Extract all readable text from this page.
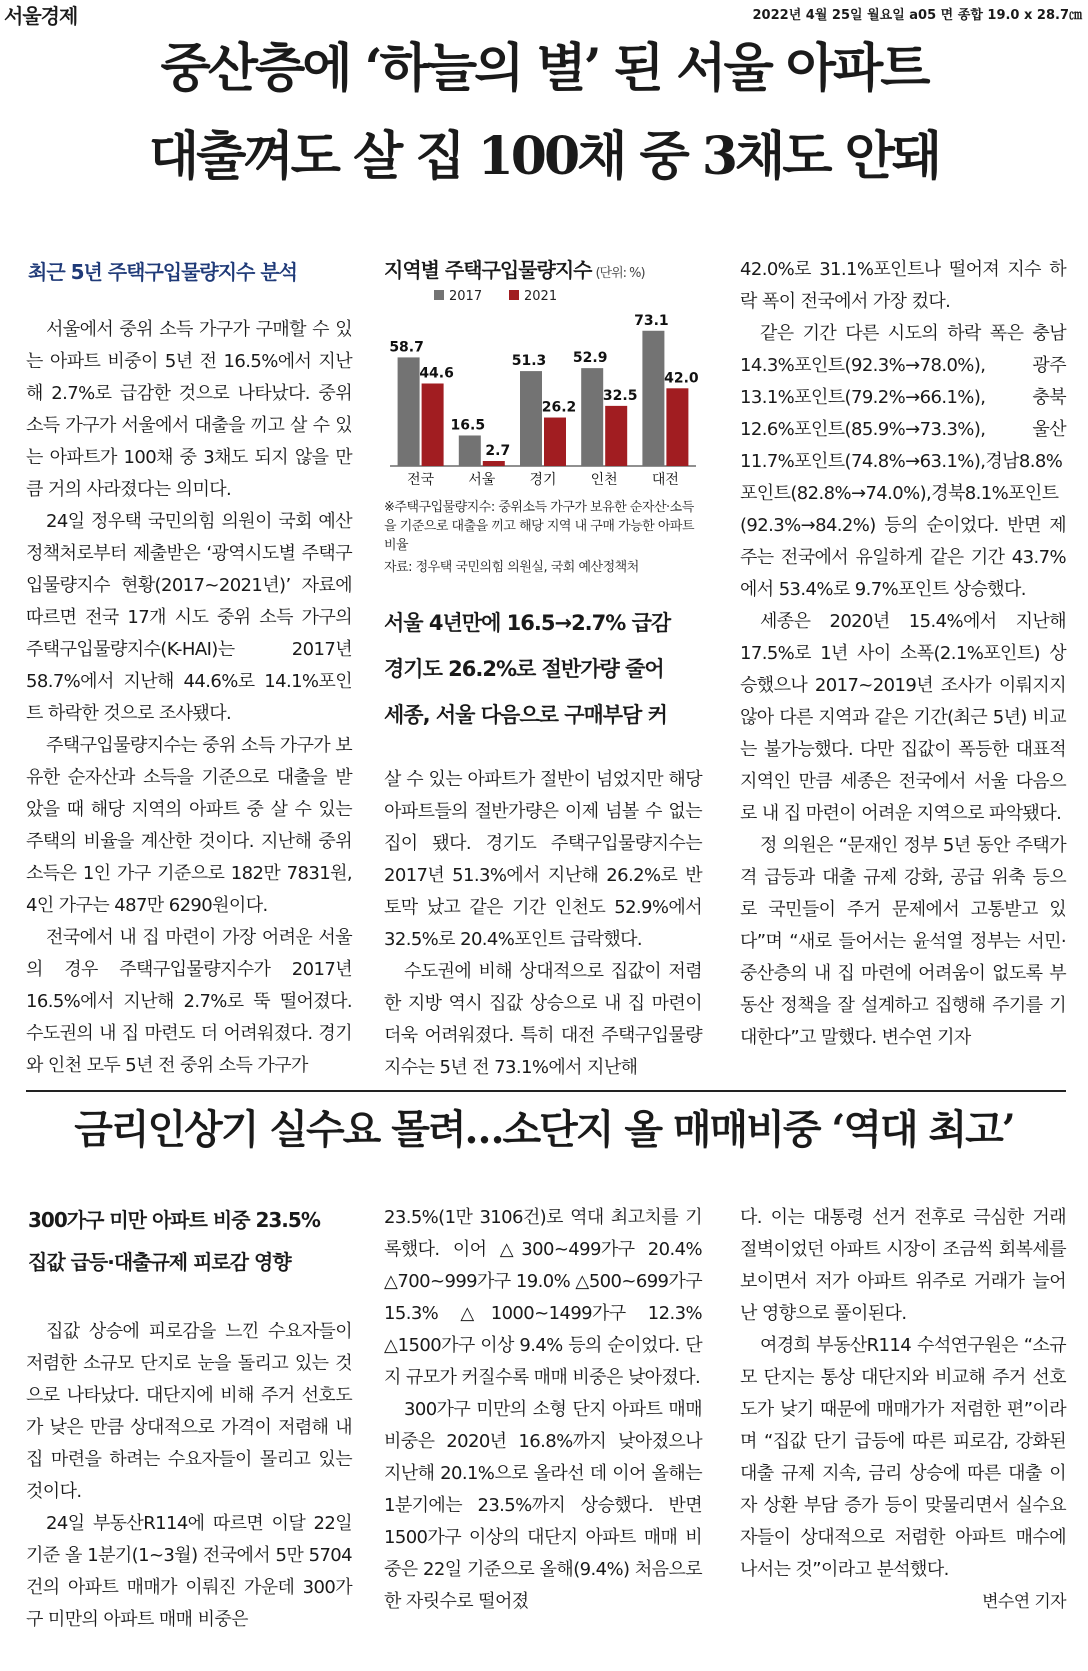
서울경제	2022년 4월 25일 월요일 a05 면 종합 19.0 x 28.7㎝
중산층에 ‘하늘의 별’ 된 서울 아파트
대출껴도 살 집 100채 중 3채도 안돼
최근 5년 주택구입물량지수 분석

서울에서 중위 소득 가구가 구매할 수 있는 아파트 비중이 5년 전 16.5%에서 지난해 2.7%로 급감한 것으로 나타났다. 중위 소득 가구가 서울에서 대출을 끼고 살 수 있는 아파트가 100채 중 3채도 되지 않을 만큼 거의 사라졌다는 의미다.

24일 정우택 국민의힘 의원이 국회 예산정책처로부터 제출받은 ‘광역시도별 주택구입물량지수 현황(2017~2021년)’ 자료에 따르면 전국 17개 시도 중위 소득 가구의 주택구입물량지수(K-HAI)는 2017년 58.7%에서 지난해 44.6%로 14.1%포인트 하락한 것으로 조사됐다.

주택구입물량지수는 중위 소득 가구가 보유한 순자산과 소득을 기준으로 대출을 받았을 때 해당 지역의 아파트 중 살 수 있는 주택의 비율을 계산한 것이다. 지난해 중위 소득은 1인 가구 기준으로 182만 7831원, 4인 가구는 487만 6290원이다.

전국에서 내 집 마련이 가장 어려운 서울의 경우 주택구입물량지수가 2017년 16.5%에서 지난해 2.7%로 뚝 떨어졌다. 수도권의 내 집 마련도 더 어려워졌다. 경기와 인천 모두 5년 전 중위 소득 가구가

지역별 주택구입물량지수 (단위: %)
2017	2021
58.7
44.6
전국
16.5
2.7
서울
51.3
26.2
경기
52.9
32.5
인천
73.1
42.0
대전
※주택구입물량지수: 중위소득 가구가 보유한 순자산·소득을 기준으로 대출을 끼고 해당 지역 내 구매 가능한 아파트 비율
자료: 정우택 국민의힘 의원실, 국회 예산정책처
서울 4년만에 16.5→2.7% 급감
경기도 26.2%로 절반가량 줄어
세종, 서울 다음으로 구매부담 커

살 수 있는 아파트가 절반이 넘었지만 해당 아파트들의 절반가량은 이제 넘볼 수 없는 집이 됐다. 경기도 주택구입물량지수는 2017년 51.3%에서 지난해 26.2%로 반토막 났고 같은 기간 인천도 52.9%에서 32.5%로 20.4%포인트 급락했다.

수도권에 비해 상대적으로 집값이 저렴한 지방 역시 집값 상승으로 내 집 마련이 더욱 어려워졌다. 특히 대전 주택구입물량지수는 5년 전 73.1%에서 지난해

42.0%로 31.1%포인트나 떨어져 지수 하락 폭이 전국에서 가장 컸다.

같은 기간 다른 시도의 하락 폭은 충남 14.3%포인트(92.3%→78.0%), 광주 13.1%포인트(79.2%→66.1%), 충북 12.6%포인트(85.9%→73.3%), 울산 11.7%포인트(74.8%→63.1%),경남8.8%포인트(82.8%→74.0%),경북8.1%포인트(92.3%→84.2%) 등의 순이었다. 반면 제주는 전국에서 유일하게 같은 기간 43.7%에서 53.4%로 9.7%포인트 상승했다.

세종은 2020년 15.4%에서 지난해 17.5%로 1년 사이 소폭(2.1%포인트) 상승했으나 2017~2019년 조사가 이뤄지지 않아 다른 지역과 같은 기간(최근 5년) 비교는 불가능했다. 다만 집값이 폭등한 대표적 지역인 만큼 세종은 전국에서 서울 다음으로 내 집 마련이 어려운 지역으로 파악됐다.

정 의원은 “문재인 정부 5년 동안 주택가격 급등과 대출 규제 강화, 공급 위축 등으로 국민들이 주거 문제에서 고통받고 있다”며 “새로 들어서는 윤석열 정부는 서민·중산층의 내 집 마련에 어려움이 없도록 부동산 정책을 잘 설계하고 집행해 주기를 기대한다”고 말했다. 변수연 기자

금리인상기 실수요 몰려…소단지 올 매매비중 ‘역대 최고’
300가구 미만 아파트 비중 23.5%
집값 급등·대출규제 피로감 영향

집값 상승에 피로감을 느낀 수요자들이 저렴한 소규모 단지로 눈을 돌리고 있는 것으로 나타났다. 대단지에 비해 주거 선호도가 낮은 만큼 상대적으로 가격이 저렴해 내 집 마련을 하려는 수요자들이 몰리고 있는 것이다.

24일 부동산R114에 따르면 이달 22일 기준 올 1분기(1~3월) 전국에서 5만 5704건의 아파트 매매가 이뤄진 가운데 300가구 미만의 아파트 매매 비중은

23.5%(1만 3106건)로 역대 최고치를 기록했다. 이어 △300~499가구 20.4% △700~999가구 19.0% △500~699가구 15.3% △1000~1499가구 12.3% △1500가구 이상 9.4% 등의 순이었다. 단지 규모가 커질수록 매매 비중은 낮아졌다.

300가구 미만의 소형 단지 아파트 매매 비중은 2020년 16.8%까지 낮아졌으나 지난해 20.1%으로 올라선 데 이어 올해는 1분기에는 23.5%까지 상승했다. 반면 1500가구 이상의 대단지 아파트 매매 비중은 22일 기준으로 올해(9.4%) 처음으로 한 자릿수로 떨어졌

다. 이는 대통령 선거 전후로 극심한 거래 절벽이었던 아파트 시장이 조금씩 회복세를 보이면서 저가 아파트 위주로 거래가 늘어난 영향으로 풀이된다.

여경희 부동산R114 수석연구원은 “소규모 단지는 통상 대단지와 비교해 주거 선호도가 낮기 때문에 매매가가 저렴한 편”이라며 “집값 단기 급등에 따른 피로감, 강화된 대출 규제 지속, 금리 상승에 따른 대출 이자 상환 부담 증가 등이 맞물리면서 실수요자들이 상대적으로 저렴한 아파트 매수에 나서는 것”이라고 분석했다.

변수연 기자
